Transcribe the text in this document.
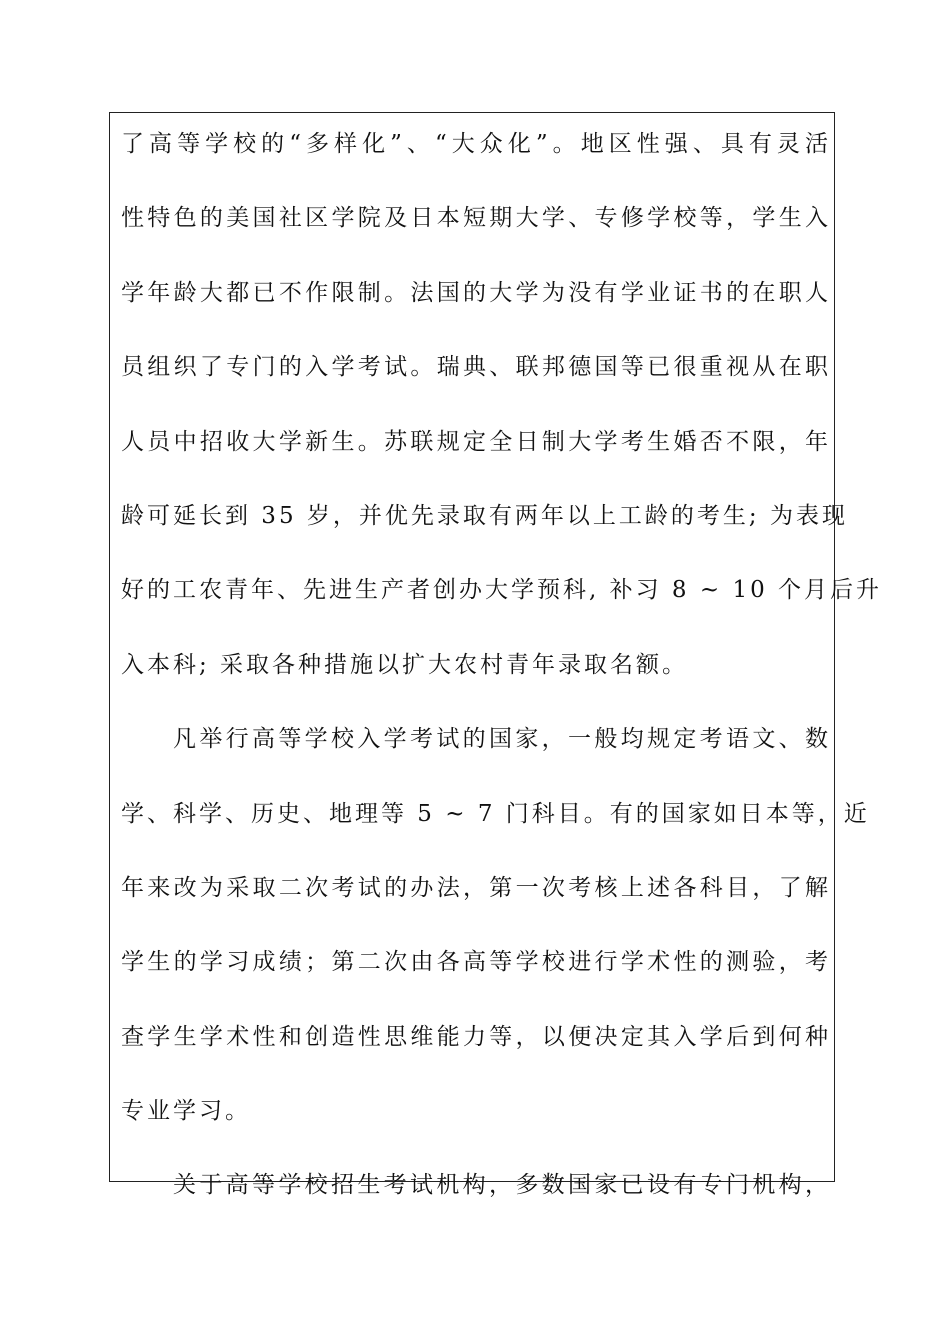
了高等学校的“多样化”、“大众化”。地区性强、具有灵活
性特色的美国社区学院及日本短期大学、专修学校等，学生入
学年龄大都已不作限制。法国的大学为没有学业证书的在职人
员组织了专门的入学考试。瑞典、联邦德国等已很重视从在职
人员中招收大学新生。苏联规定全日制大学考生婚否不限，年
龄可延长到 35 岁，并优先录取有两年以上工龄的考生; 为表现
好的工农青年、先进生产者创办大学预科, 补习 8 ~ 10 个月后升
入本科; 采取各种措施以扩大农村青年录取名额。
凡举行高等学校入学考试的国家，一般均规定考语文、数
学、科学、历史、地理等 5 ~ 7 门科目。有的国家如日本等，近
年来改为采取二次考试的办法，第一次考核上述各科目，了解
学生的学习成绩；第二次由各高等学校进行学术性的测验，考
查学生学术性和创造性思维能力等，以便决定其入学后到何种
专业学习。
关于高等学校招生考试机构，多数国家已设有专门机构，
